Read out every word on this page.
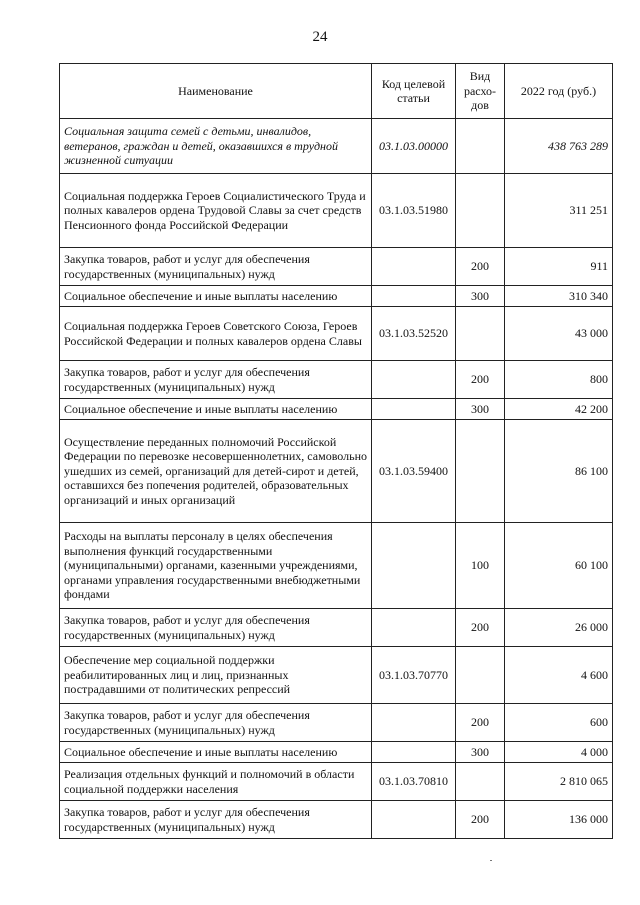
24
Наименование	Код целевой статьи	Вид расхо-дов	2022 год (руб.)
Социальная защита семей с детьми, инвалидов, ветеранов, граждан и детей, оказавшихся в трудной жизненной ситуации	03.1.03.00000		438 763 289
Социальная поддержка Героев Социалистического Труда и полных кавалеров ордена Трудовой Славы за счет средств Пенсионного фонда Российской Федерации	03.1.03.51980		311 251
Закупка товаров, работ и услуг для обеспечения государственных (муниципальных) нужд		200	911
Социальное обеспечение и иные выплаты населению		300	310 340
Социальная поддержка Героев Советского Союза, Героев Российской Федерации и полных кавалеров ордена Славы	03.1.03.52520		43 000
Закупка товаров, работ и услуг для обеспечения государственных (муниципальных) нужд		200	800
Социальное обеспечение и иные выплаты населению		300	42 200
Осуществление переданных полномочий Российской Федерации по перевозке несовершеннолетних, самовольно ушедших из семей, организаций для детей-сирот и детей, оставшихся без попечения родителей, образовательных организаций и иных организаций	03.1.03.59400		86 100
Расходы на выплаты персоналу в целях обеспечения выполнения функций государственными (муниципальными) органами, казенными учреждениями, органами управления государственными внебюджетными фондами		100	60 100
Закупка товаров, работ и услуг для обеспечения государственных (муниципальных) нужд		200	26 000
Обеспечение мер социальной поддержки реабилитированных лиц и лиц, признанных пострадавшими от политических репрессий	03.1.03.70770		4 600
Закупка товаров, работ и услуг для обеспечения государственных (муниципальных) нужд		200	600
Социальное обеспечение и иные выплаты населению		300	4 000
Реализация отдельных функций и полномочий в области социальной поддержки населения	03.1.03.70810		2 810 065
Закупка товаров, работ и услуг для обеспечения государственных (муниципальных) нужд		200	136 000
